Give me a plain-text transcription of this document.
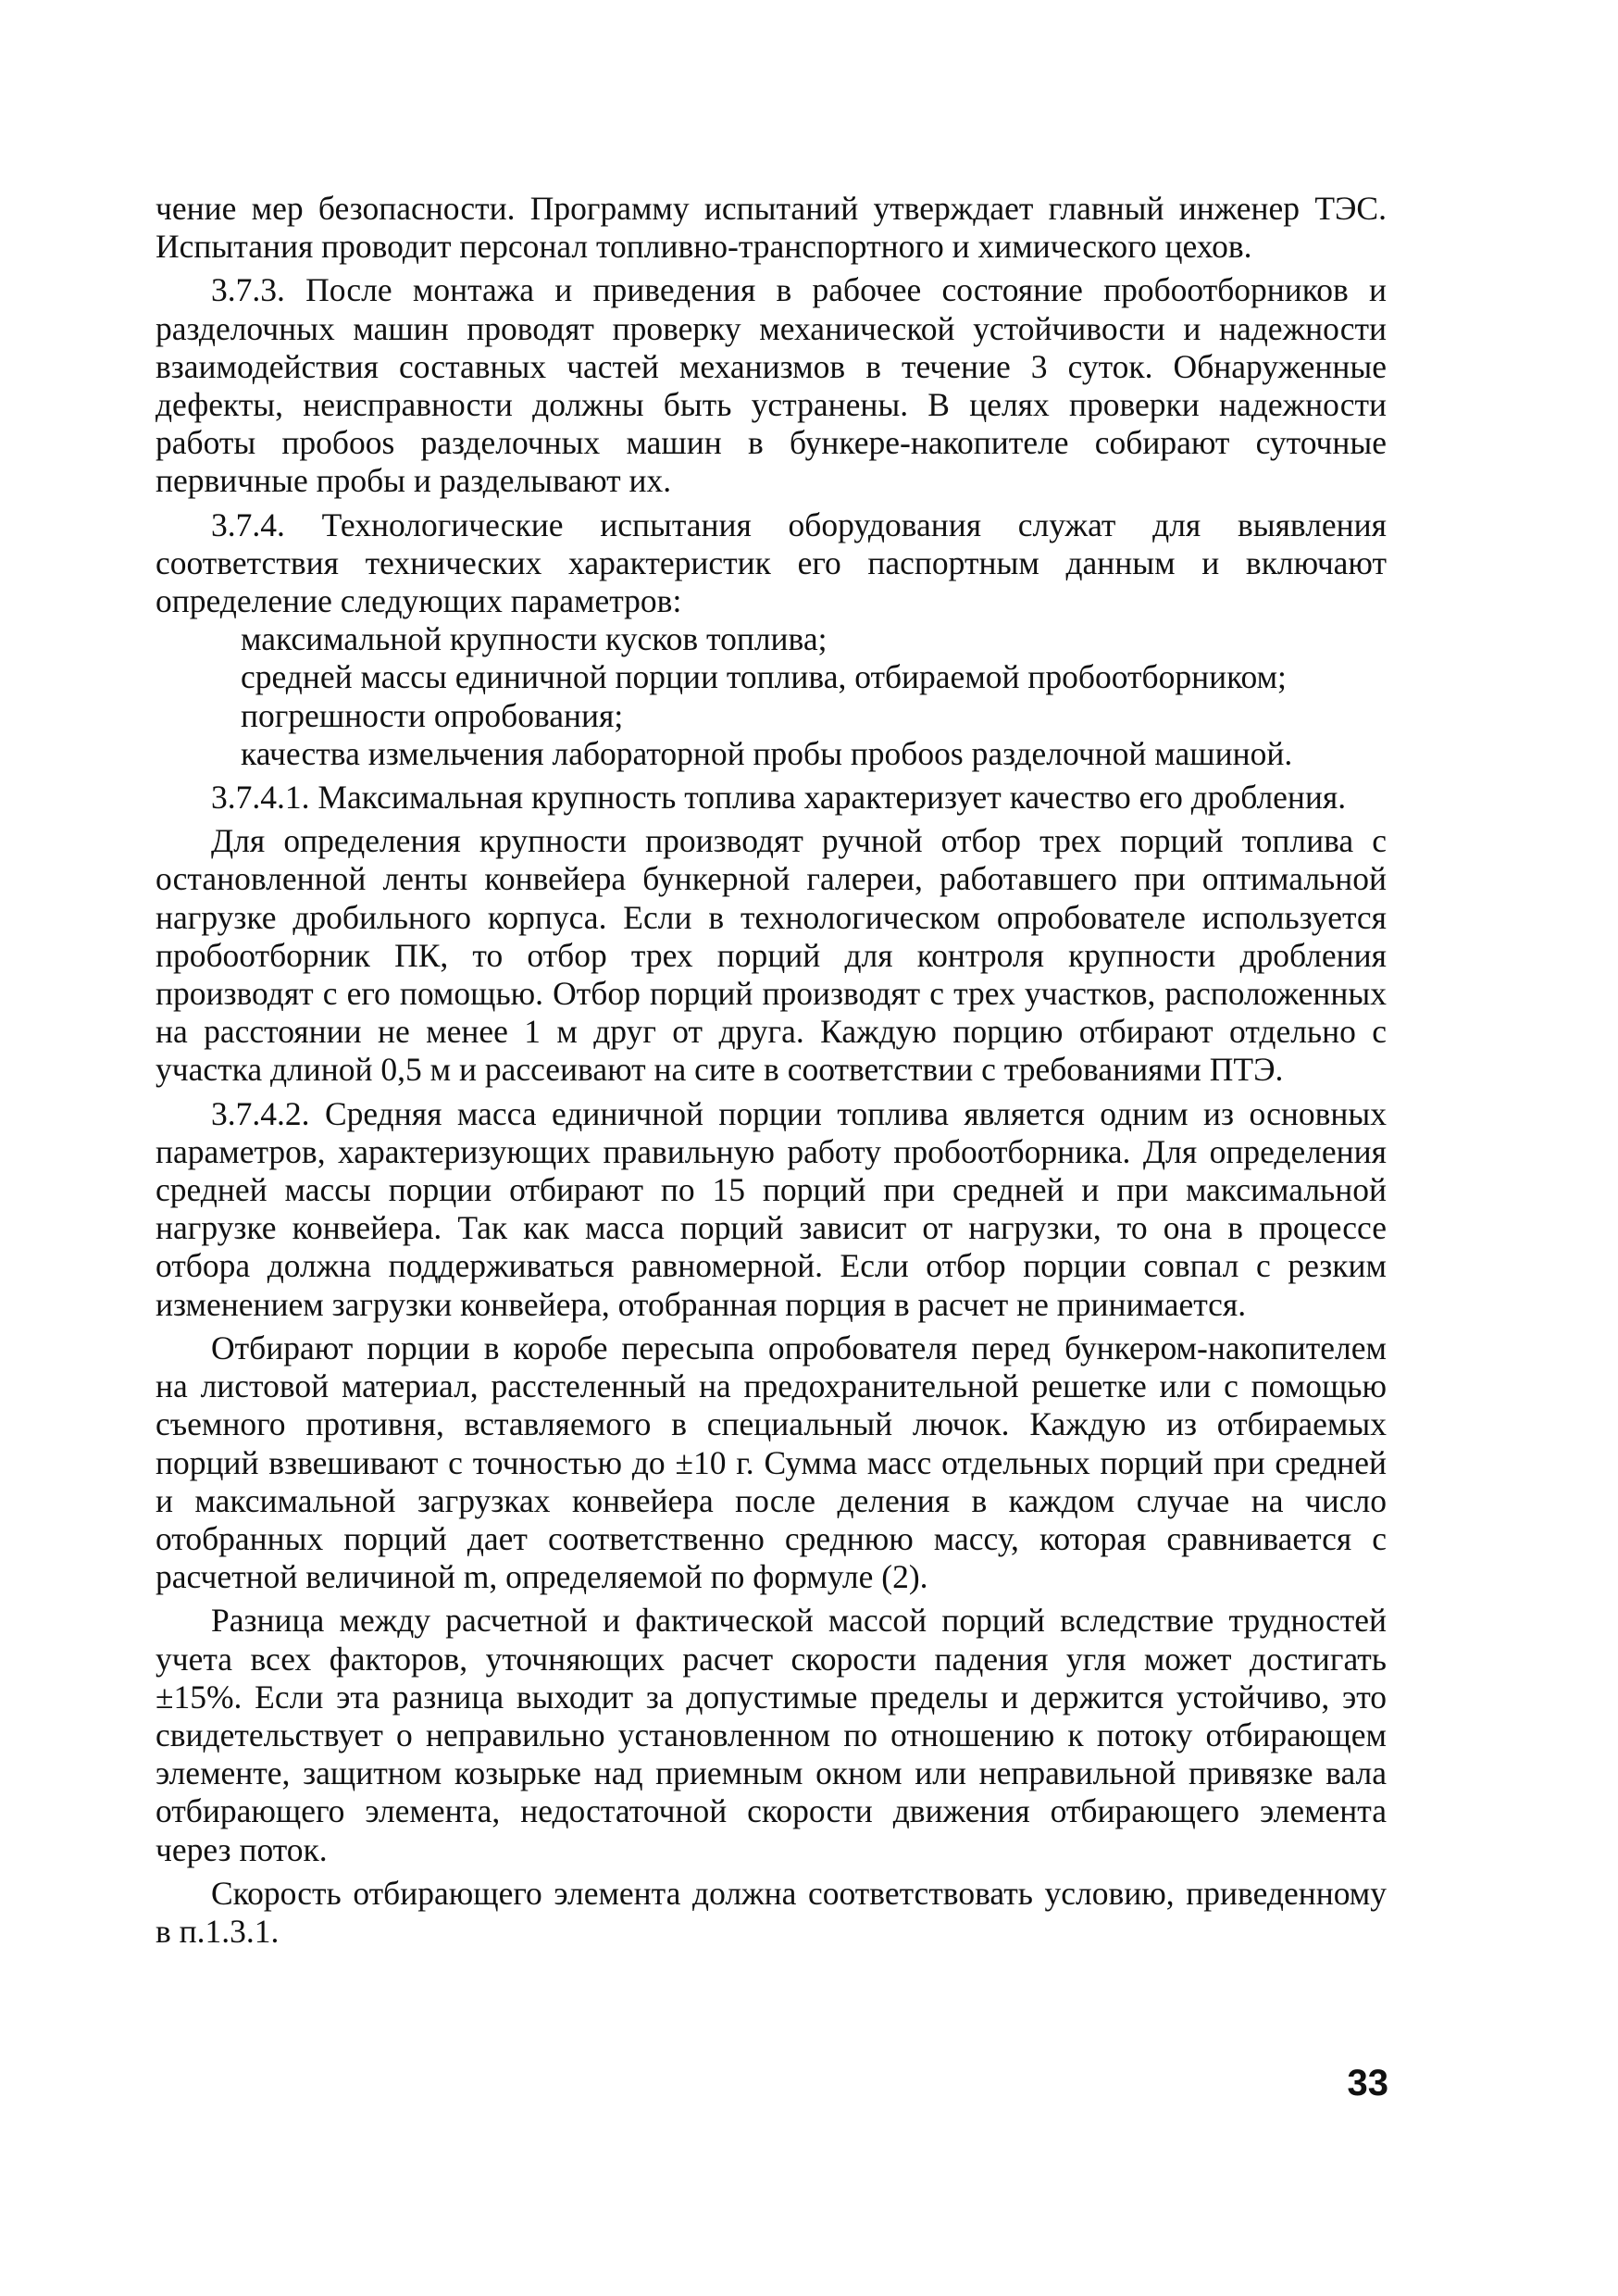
чение мер безопасности. Программу испытаний утверждает главный инженер ТЭС. Испытания проводит персонал топливно-транспортного и химического цехов.

3.7.3. После монтажа и приведения в рабочее состояние пробоотборников и разделочных машин проводят проверку механической устойчивости и надежности взаимодействия составных частей механизмов в течение 3 суток. Обнаруженные дефекты, неисправности должны быть устранены. В целях проверки надежности работы пробоos разделочных машин в бункере-накопителе собирают суточные первичные пробы и разделывают их.

3.7.4. Технологические испытания оборудования служат для выявления соответствия технических характеристик его паспортным данным и включают определение следующих параметров:

максимальной крупности кусков топлива;

средней массы единичной порции топлива, отбираемой пробоотборником;

погрешности опробования;

качества измельчения лабораторной пробы пробоos разделочной машиной.

3.7.4.1. Максимальная крупность топлива характеризует качество его дробления.

Для определения крупности производят ручной отбор трех порций топлива с остановленной ленты конвейера бункерной галереи, работавшего при оптимальной нагрузке дробильного корпуса. Если в технологическом опробователе используется пробоотборник ПК, то отбор трех порций для контроля крупности дробления производят с его помощью. Отбор порций производят с трех участков, расположенных на расстоянии не менее 1 м друг от друга. Каждую порцию отбирают отдельно с участка длиной 0,5 м и рассеивают на сите в соответствии с требованиями ПТЭ.

3.7.4.2. Средняя масса единичной порции топлива является одним из основных параметров, характеризующих правильную работу пробоотборника. Для определения средней массы порции отбирают по 15 порций при средней и при максимальной нагрузке конвейера. Так как масса порций зависит от нагрузки, то она в процессе отбора должна поддерживаться равномерной. Если отбор порции совпал с резким изменением загрузки конвейера, отобранная порция в расчет не принимается.

Отбирают порции в коробе пересыпа опробователя перед бункером-накопителем на листовой материал, расстеленный на предохранительной решетке или с помощью съемного противня, вставляемого в специальный лючок. Каждую из отбираемых порций взвешивают с точностью до ±10 г. Сумма масс отдельных порций при средней и максимальной загрузках конвейера после деления в каждом случае на число отобранных порций дает соответственно среднюю массу, которая сравнивается с расчетной величиной m, определяемой по формуле (2).

Разница между расчетной и фактической массой порций вследствие трудностей учета всех факторов, уточняющих расчет скорости падения угля может достигать ±15%. Если эта разница выходит за допустимые пределы и держится устойчиво, это свидетельствует о неправильно установленном по отношению к потоку отбирающем элементе, защитном козырьке над приемным окном или неправильной привязке вала отбирающего элемента, недостаточной скорости движения отбирающего элемента через поток.

Скорость отбирающего элемента должна соответствовать условию, приведенному в п.1.3.1.

33
